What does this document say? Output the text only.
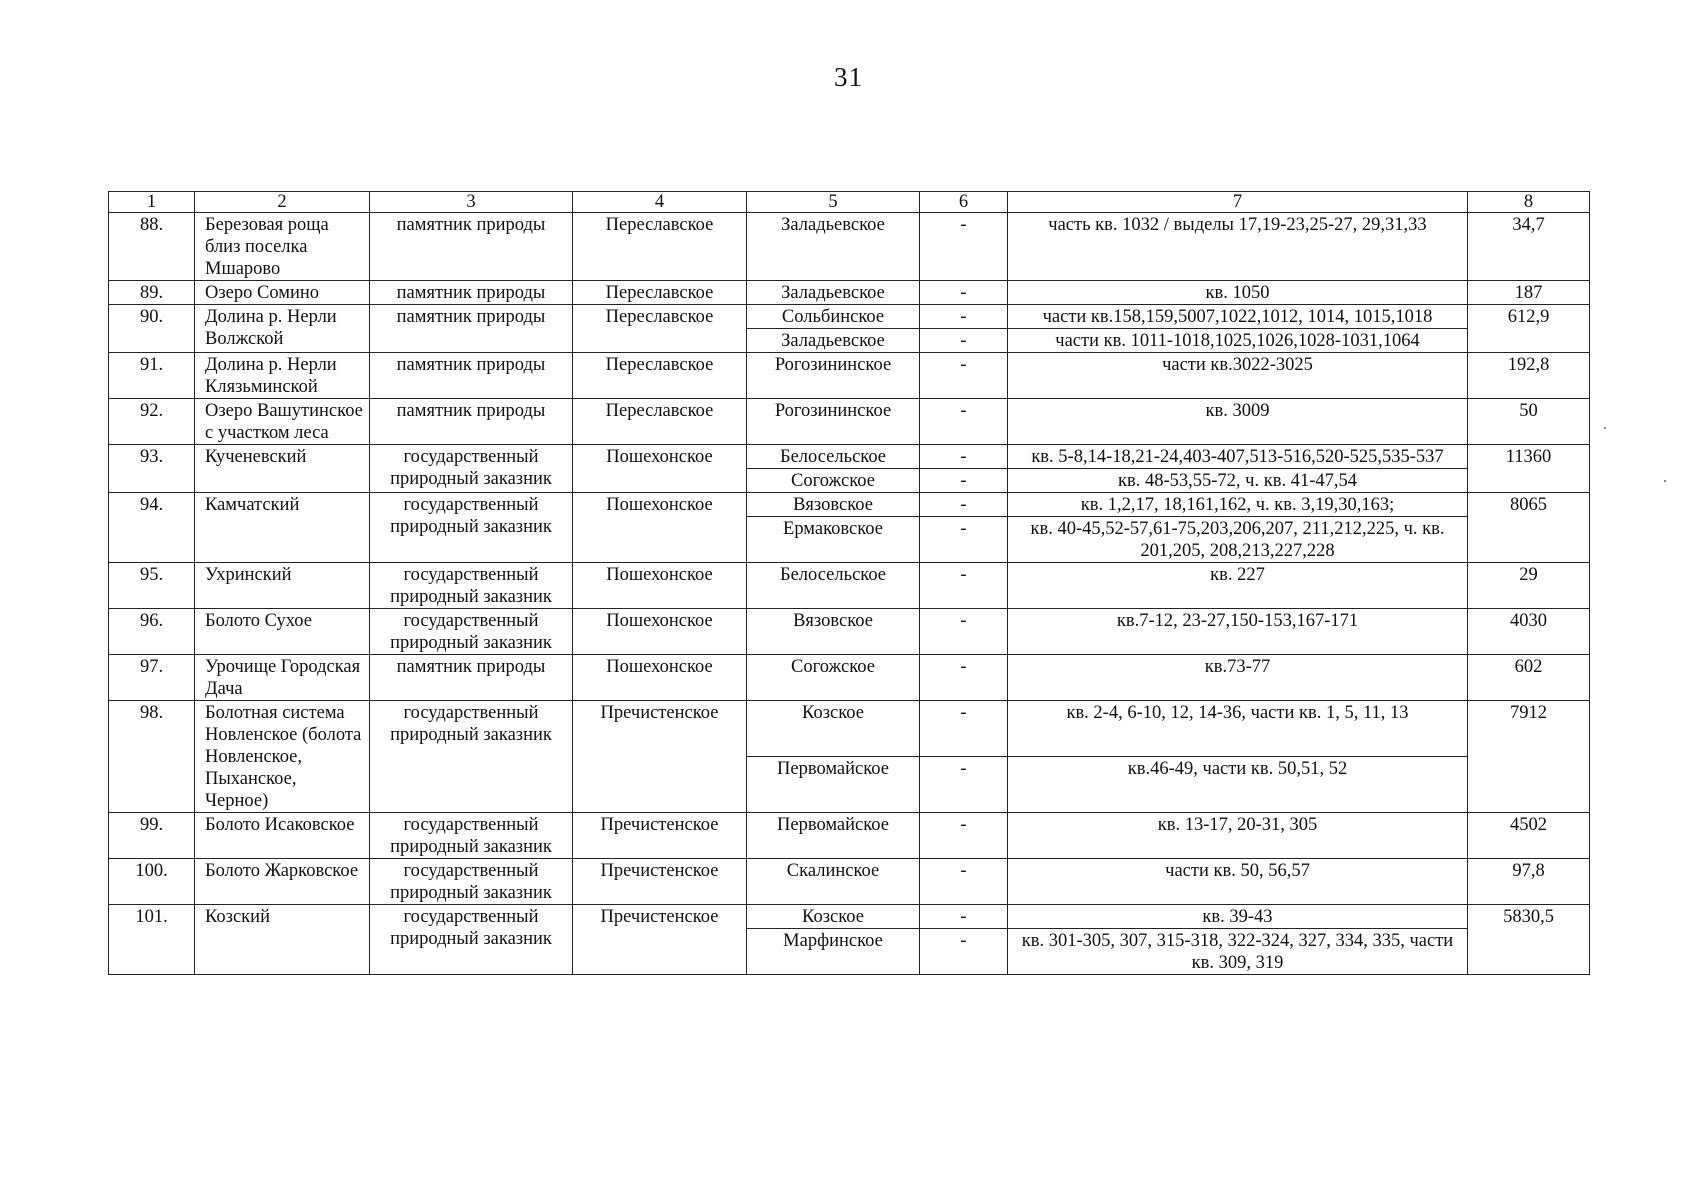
31
1	2	3	4	5	6	7	8
88.	Березовая роща близ поселка Мшарово	памятник природы	Переславское	Заладьевское	-	часть кв. 1032 / выделы 17,19-23,25-27, 29,31,33	34,7
89.	Озеро Сомино	памятник природы	Переславское	Заладьевское	-	кв. 1050	187
90.	Долина р. Нерли Волжской	памятник природы	Переславское	Сольбинское	-	части кв.158,159,5007,1022,1012, 1014, 1015,1018	612,9
				Заладьевское	-	части кв. 1011-1018,1025,1026,1028-1031,1064	
91.	Долина р. Нерли Клязьминской	памятник природы	Переславское	Рогозининское	-	части кв.3022-3025	192,8
92.	Озеро Вашутинское с участком леса	памятник природы	Переславское	Рогозининское	-	кв. 3009	50
93.	Кученевский	государственный природный заказник	Пошехонское	Белосельское	-	кв. 5-8,14-18,21-24,403-407,513-516,520-525,535-537	11360
				Согожское	-	кв. 48-53,55-72, ч. кв. 41-47,54	
94.	Камчатский	государственный природный заказник	Пошехонское	Вязовское	-	кв. 1,2,17, 18,161,162, ч. кв. 3,19,30,163;	8065
				Ермаковское	-	кв. 40-45,52-57,61-75,203,206,207, 211,212,225, ч. кв. 201,205, 208,213,227,228	
95.	Ухринский	государственный природный заказник	Пошехонское	Белосельское	-	кв. 227	29
96.	Болото Сухое	государственный природный заказник	Пошехонское	Вязовское	-	кв.7-12, 23-27,150-153,167-171	4030
97.	Урочище Городская Дача	памятник природы	Пошехонское	Согожское	-	кв.73-77	602
98.	Болотная система Новленское (болота Новленское, Пыханское, Черное)	государственный природный заказник	Пречистенское	Козское	-	кв. 2-4, 6-10, 12, 14-36, части кв. 1, 5, 11, 13	7912
				Первомайское	-	кв.46-49, части кв. 50,51, 52	
99.	Болото Исаковское	государственный природный заказник	Пречистенское	Первомайское	-	кв. 13-17, 20-31, 305	4502
100.	Болото Жарковское	государственный природный заказник	Пречистенское	Скалинское	-	части кв. 50, 56,57	97,8
101.	Козский	государственный природный заказник	Пречистенское	Козское	-	кв. 39-43	5830,5
				Марфинское	-	кв. 301-305, 307, 315-318, 322-324, 327, 334, 335, части кв. 309, 319	
